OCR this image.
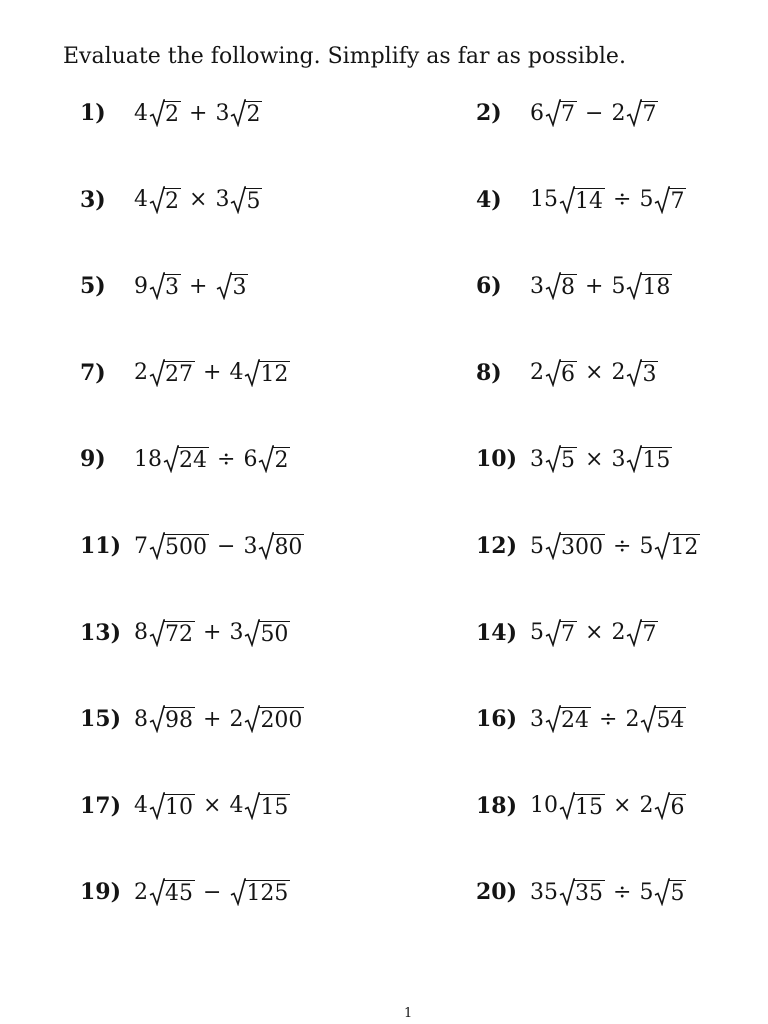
Evaluate the following. Simplify as far as possible.
1)	4 2 + 3 2	2)	6 7 − 2 7
3)	4 2 × 3 5	4)	15 14 ÷ 5 7
5)	9 3 + 3	6)	3 8 + 5 18
7)	2 27 + 4 12	8)	2 6 × 2 3
9)	18 24 ÷ 6 2	10) 3 5 × 3 15
11) 7 500 − 3 80	12) 5 300 ÷ 5 12
13) 8 72 + 3 50	14) 5 7 × 2 7
15) 8 98 + 2 200	16) 3 24 ÷ 2 54
17) 4 10 × 4 15	18) 10 15 × 2 6
19) 2 45 − 125	20) 35 35 ÷ 5 5
1
